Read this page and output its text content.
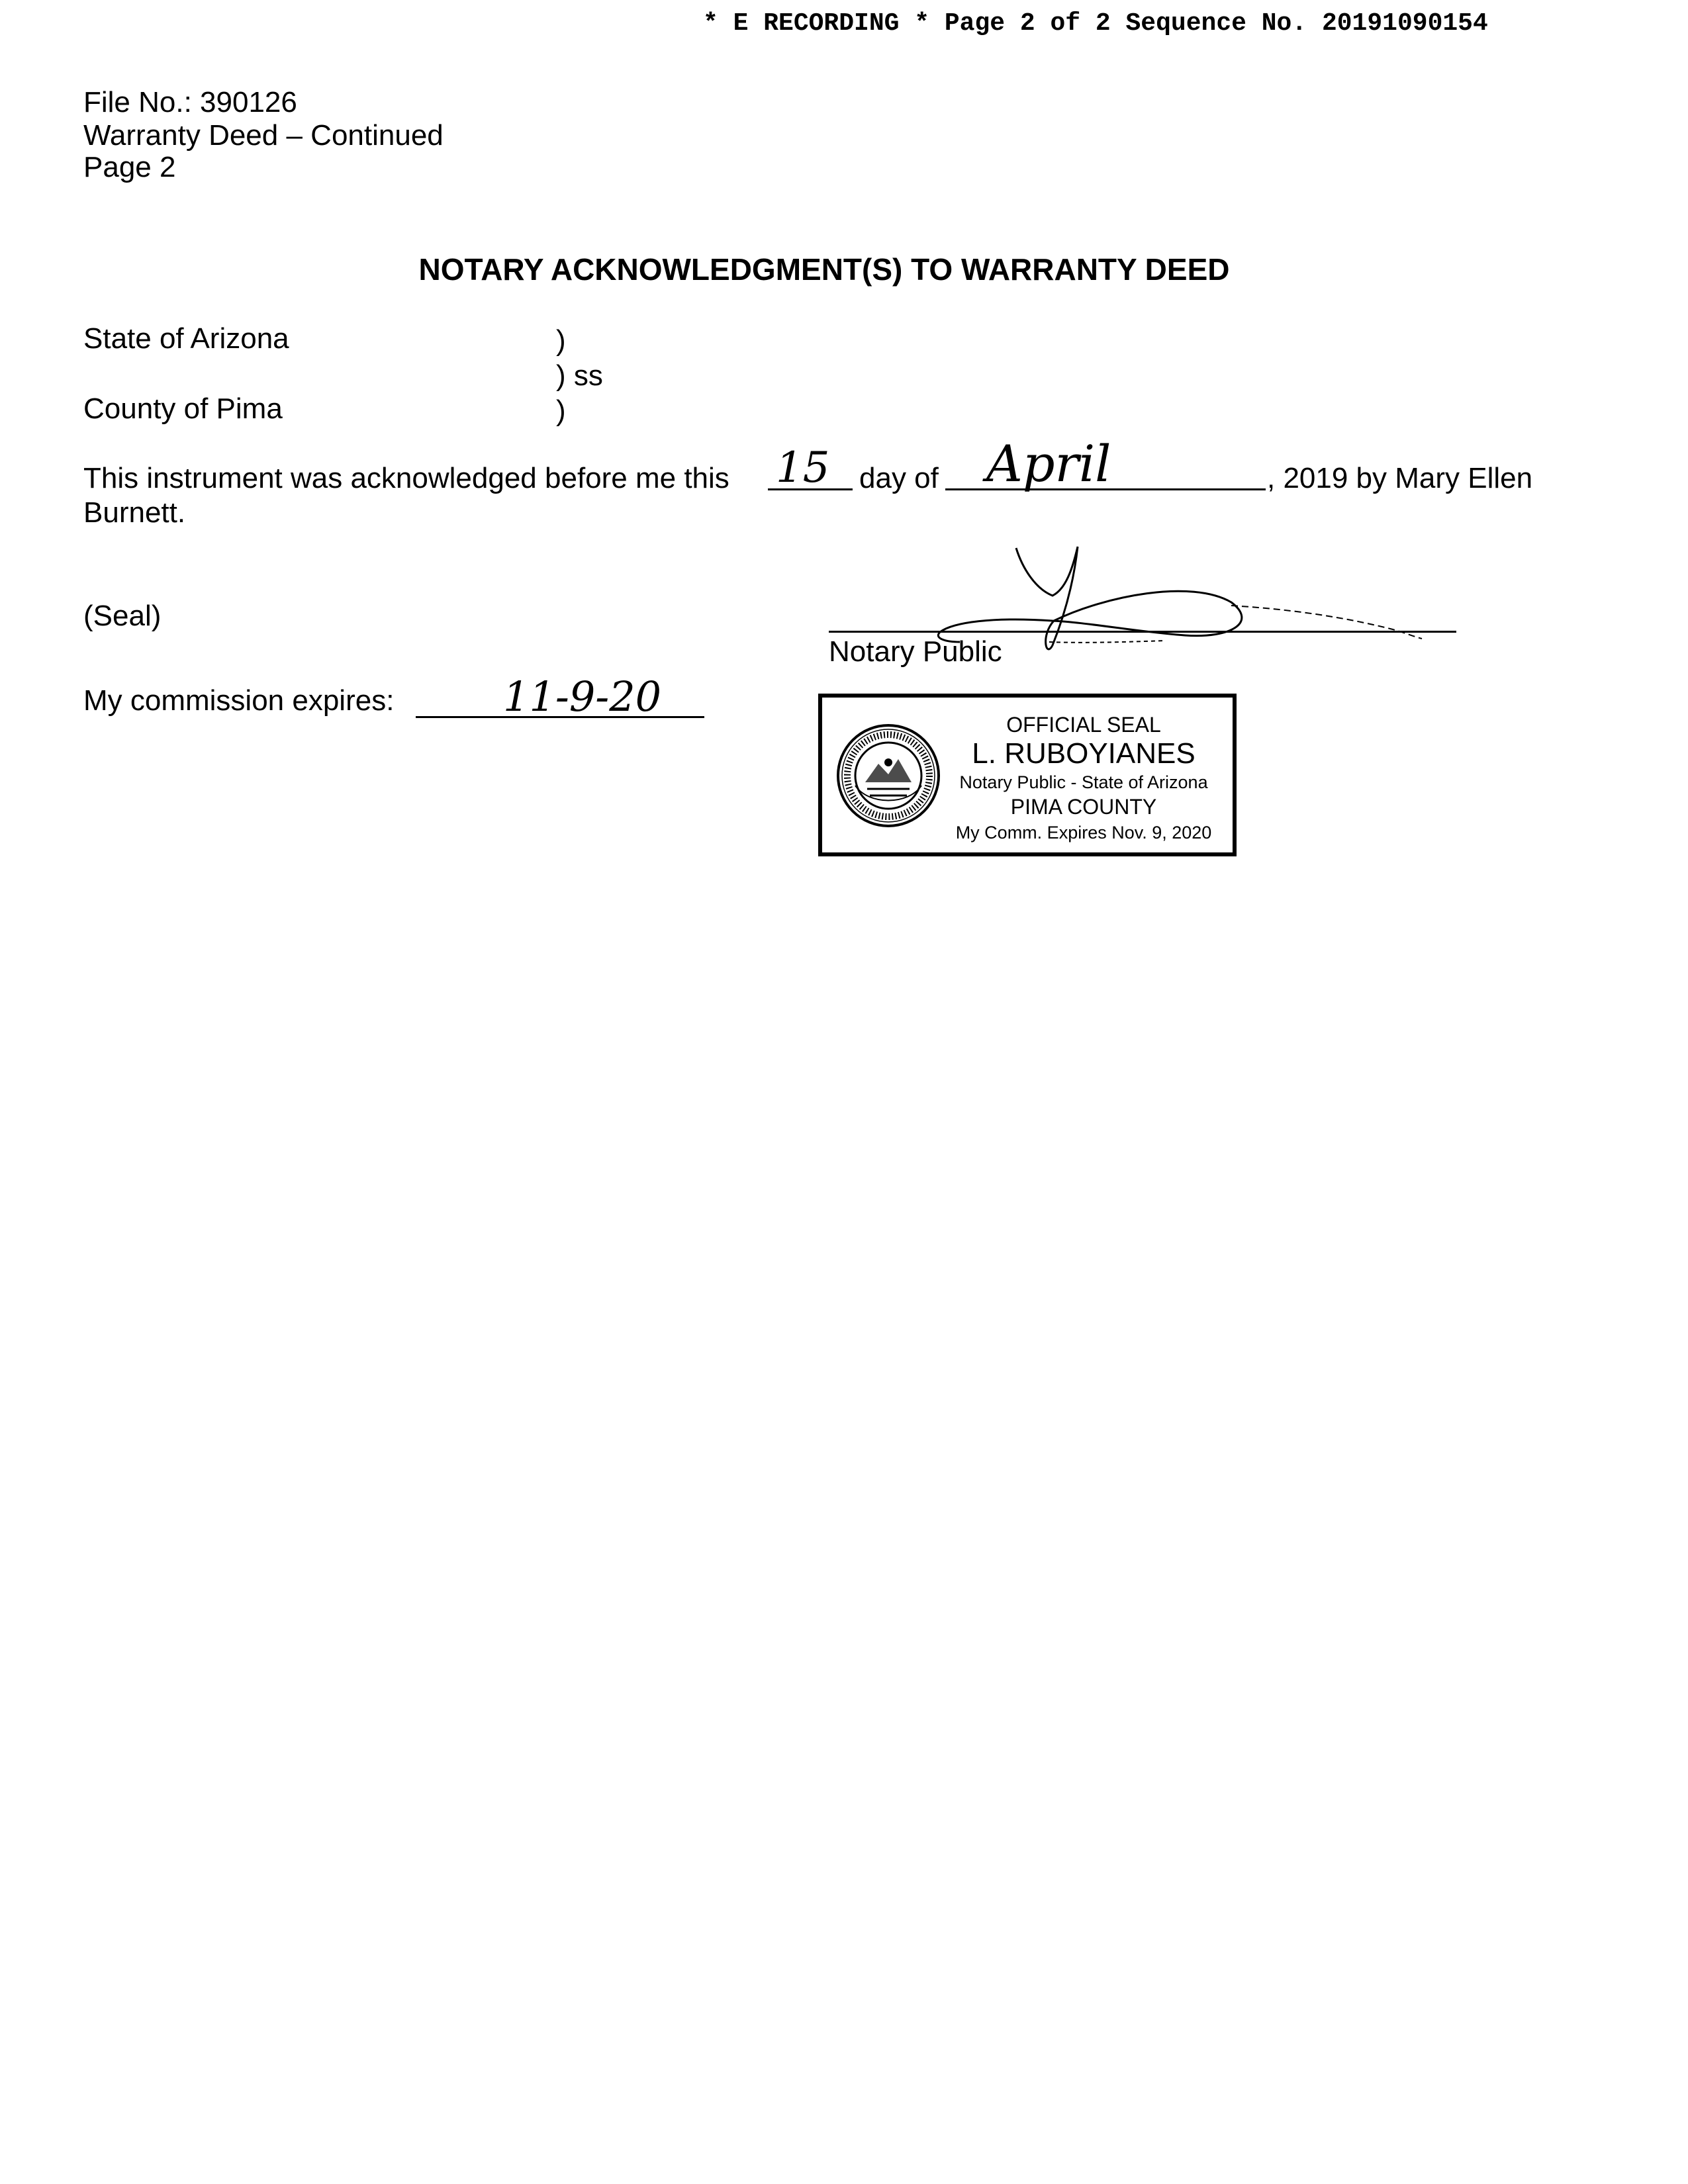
* E RECORDING * Page 2 of 2 Sequence No. 20191090154
File No.: 390126
Warranty Deed – Continued
Page 2
NOTARY ACKNOWLEDGMENT(S) TO WARRANTY DEED
State of Arizona
County of Pima
)
) ss
)
This instrument was acknowledged before me this 15 day of April	, 2019 by Mary Ellen
Burnett.
(Seal)
Notary Public
My commission expires:	11-9-20
OFFICIAL SEAL
L. RUBOYIANES
Notary Public - State of Arizona
PIMA COUNTY
My Comm. Expires Nov. 9, 2020
